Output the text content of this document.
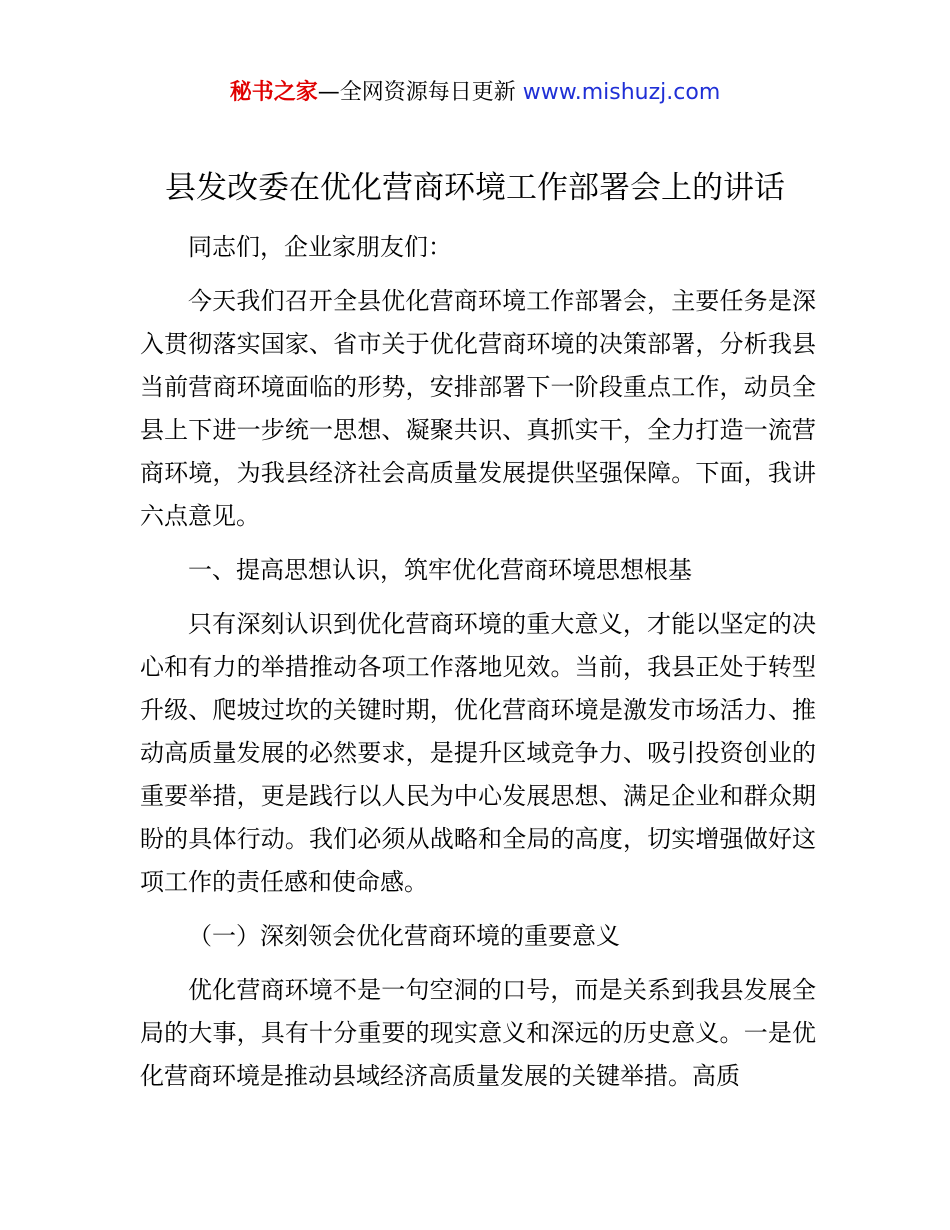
秘书之家—全网资源每日更新 www.mishuzj.com
县发改委在优化营商环境工作部署会上的讲话

同志们，企业家朋友们：

今天我们召开全县优化营商环境工作部署会，主要任务是深入贯彻落实国家、省市关于优化营商环境的决策部署，分析我县当前营商环境面临的形势，安排部署下一阶段重点工作，动员全县上下进一步统一思想、凝聚共识、真抓实干，全力打造一流营商环境，为我县经济社会高质量发展提供坚强保障。下面，我讲六点意见。

一、提高思想认识，筑牢优化营商环境思想根基

只有深刻认识到优化营商环境的重大意义，才能以坚定的决心和有力的举措推动各项工作落地见效。当前，我县正处于转型升级、爬坡过坎的关键时期，优化营商环境是激发市场活力、推动高质量发展的必然要求，是提升区域竞争力、吸引投资创业的重要举措，更是践行以人民为中心发展思想、满足企业和群众期盼的具体行动。我们必须从战略和全局的高度，切实增强做好这项工作的责任感和使命感。

（一）深刻领会优化营商环境的重要意义

优化营商环境不是一句空洞的口号，而是关系到我县发展全局的大事，具有十分重要的现实意义和深远的历史意义。一是优化营商环境是推动县域经济高质量发展的关键举措。高质
